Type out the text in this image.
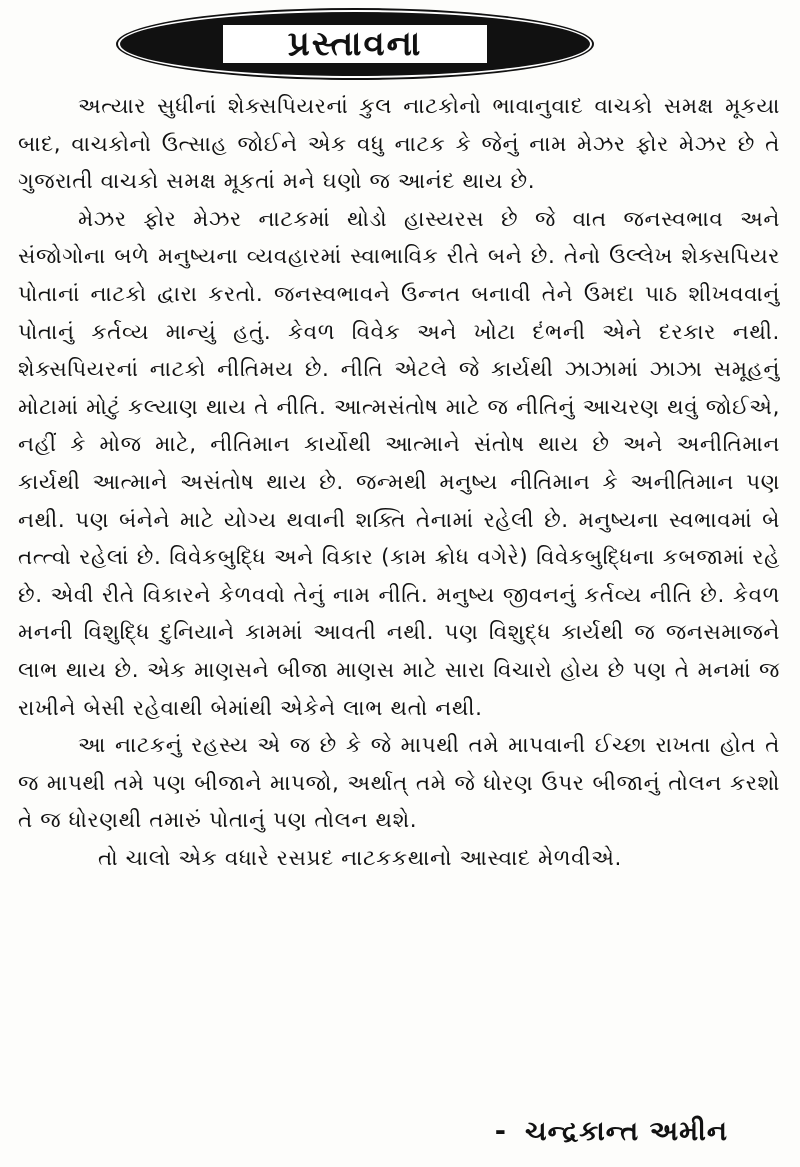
પ્રસ્તાવના

અત્યાર સુધીનાં શેક્સપિયરનાં કુલ નાટકોનો ભાવાનુવાદ વાચકો સમક્ષ મૂકયા બાદ, વાચકોનો ઉત્સાહ જોઈને એક વધુ નાટક કે જેનું નામ મેઝર ફોર મેઝર છે તે ગુજરાતી વાચકો સમક્ષ મૂકતાં મને ઘણો જ આનંદ થાય છે.

મેઝર ફોર મેઝર નાટકમાં થોડો હાસ્યરસ છે જે વાત જનસ્વભાવ અને સંજોગોના બળે મનુષ્યના વ્યવહારમાં સ્વાભાવિક રીતે બને છે. તેનો ઉલ્લેખ શેક્સપિયર પોતાનાં નાટકો દ્વારા કરતો. જનસ્વભાવને ઉન્નત બનાવી તેને ઉમદા પાઠ શીખવવાનું પોતાનું કર્તવ્ય માન્યું હતું. કેવળ વિવેક અને ખોટા દંભની એને દરકાર નથી. શેક્સપિયરનાં નાટકો નીતિમય છે. નીતિ એટલે જે કાર્યથી ઝાઝામાં ઝાઝા સમૂહનું મોટામાં મોટું કલ્યાણ થાય તે નીતિ. આત્મસંતોષ માટે જ નીતિનું આચરણ થવું જોઈએ, નહીં કે મોજ માટે, નીતિમાન કાર્યોથી આત્માને સંતોષ થાય છે અને અનીતિમાન કાર્યથી આત્માને અસંતોષ થાય છે. જન્મથી મનુષ્ય નીતિમાન કે અનીતિમાન પણ નથી. પણ બંનેને માટે યોગ્ય થવાની શક્તિ તેનામાં રહેલી છે. મનુષ્યના સ્વભાવમાં બે તત્ત્વો રહેલાં છે. વિવેકબુદ્ધિ અને વિકાર (કામ ક્રોધ વગેરે) વિવેકબુદ્ધિના કબજામાં રહે છે. એવી રીતે વિકારને કેળવવો તેનું નામ નીતિ. મનુષ્ય જીવનનું કર્તવ્ય નીતિ છે. કેવળ મનની વિશુદ્ધિ દુનિયાને કામમાં આવતી નથી. પણ વિશુદ્ધ કાર્યથી જ જનસમાજને લાભ થાય છે. એક માણસને બીજા માણસ માટે સારા વિચારો હોય છે પણ તે મનમાં જ રાખીને બેસી રહેવાથી બેમાંથી એકેને લાભ થતો નથી.

આ નાટકનું રહસ્ય એ જ છે કે જે માપથી તમે માપવાની ઈચ્છા રાખતા હોત તે જ માપથી તમે પણ બીજાને માપજો, અર્થાત્ તમે જે ધોરણ ઉપર બીજાનું તોલન કરશો તે જ ધોરણથી તમારું પોતાનું પણ તોલન થશે.

તો ચાલો એક વધારે રસપ્રદ નાટકકથાનો આસ્વાદ મેળવીએ.

- ચન્દ્રકાન્ત અમીન
